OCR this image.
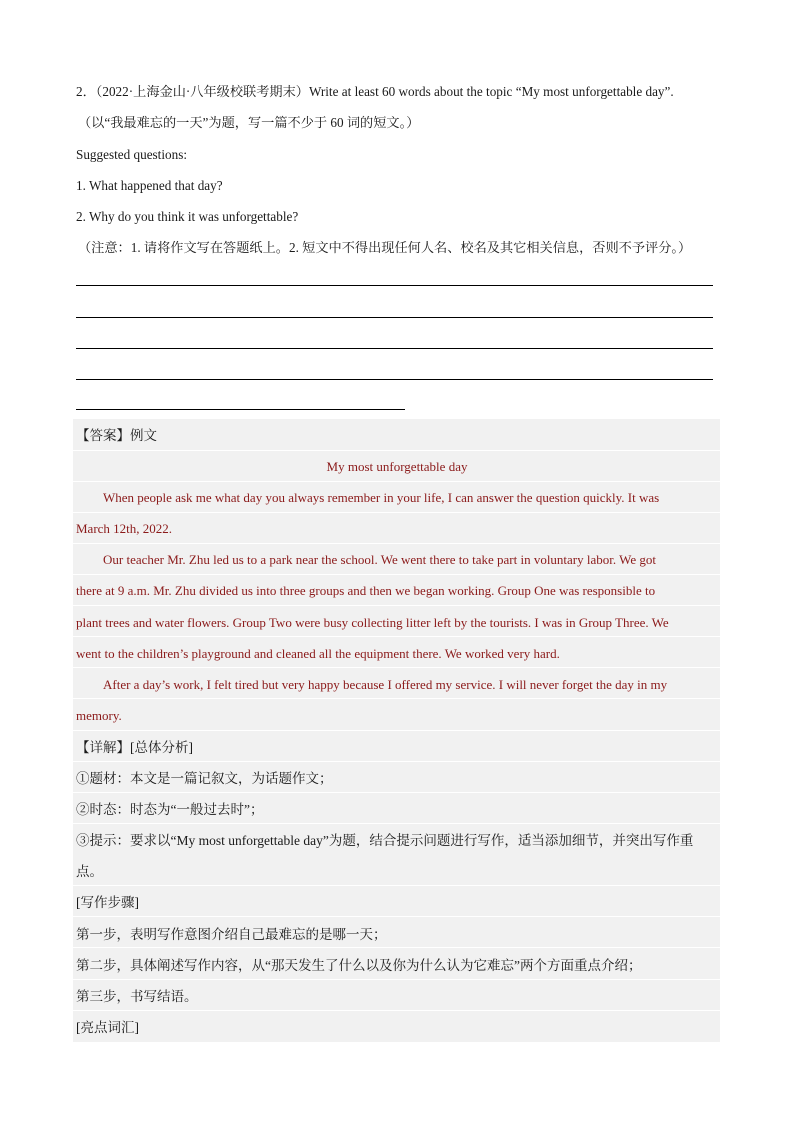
2．（2022·上海金山·八年级校联考期末）Write at least 60 words about the topic “My most unforgettable day”.
（以“我最难忘的一天”为题，写一篇不少于 60 词的短文。）
Suggested questions:
1. What happened that day?
2. Why do you think it was unforgettable?
（注意：1. 请将作文写在答题纸上。2. 短文中不得出现任何人名、校名及其它相关信息，否则不予评分。）
【答案】例文
My most unforgettable day
When people ask me what day you always remember in your life, I can answer the question quickly. It was
March 12th, 2022.
Our teacher Mr. Zhu led us to a park near the school. We went there to take part in voluntary labor. We got
there at 9 a.m. Mr. Zhu divided us into three groups and then we began working. Group One was responsible to
plant trees and water flowers. Group Two were busy collecting litter left by the tourists. I was in Group Three. We
went to the children’s playground and cleaned all the equipment there. We worked very hard.
After a day’s work, I felt tired but very happy because I offered my service. I will never forget the day in my
memory.
【详解】[总体分析]
①题材：本文是一篇记叙文，为话题作文；
②时态：时态为“一般过去时”；
③提示：要求以“My most unforgettable day”为题，结合提示问题进行写作，适当添加细节，并突出写作重
点。
[写作步骤]
第一步，表明写作意图介绍自己最难忘的是哪一天；
第二步，具体阐述写作内容，从“那天发生了什么以及你为什么认为它难忘”两个方面重点介绍；
第三步，书写结语。
[亮点词汇]
